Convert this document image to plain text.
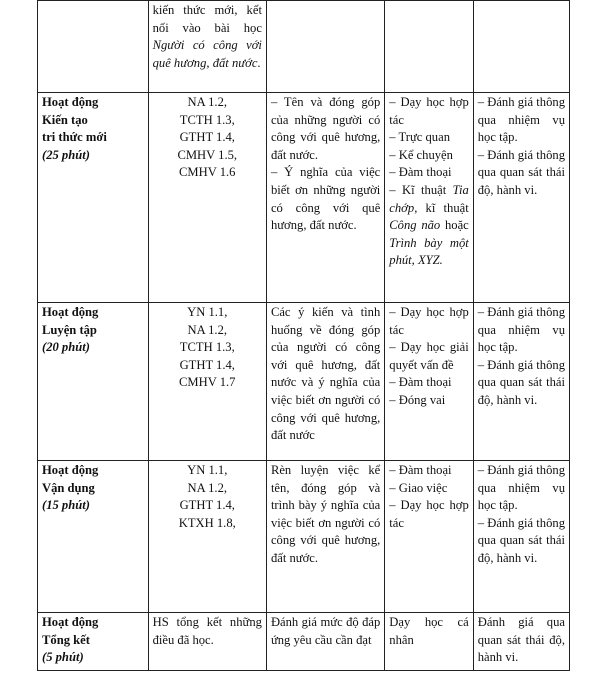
	kiến thức mới, kết nối vào bài học Người có công với quê hương, đất nước.			

Hoạt động
Kiến tạo
tri thức mới
(25 phút)	NA 1.2,
TCTH 1.3,
GTHT 1.4,
CMHV 1.5,
CMHV 1.6	– Tên và đóng góp của những người có công với quê hương, đất nước.
– Ý nghĩa của việc biết ơn những người có công với quê hương, đất nước.	– Dạy học hợp tác
– Trực quan
– Kể chuyện
– Đàm thoại
– Kĩ thuật Tia chớp, kĩ thuật Công não hoặc Trình bày một phút, XYZ.	– Đánh giá thông qua nhiệm vụ học tập.
– Đánh giá thông qua quan sát thái độ, hành vi.

Hoạt động
Luyện tập
(20 phút)	YN 1.1,
NA 1.2,
TCTH 1.3,
GTHT 1.4,
CMHV 1.7	Các ý kiến và tình huống về đóng góp của người có công với quê hương, đất nước và ý nghĩa của việc biết ơn người có công với quê hương, đất nước	– Dạy học hợp tác
– Dạy học giải quyết vấn đề
– Đàm thoại
– Đóng vai	– Đánh giá thông qua nhiệm vụ học tập.
– Đánh giá thông qua quan sát thái độ, hành vi.

Hoạt động
Vận dụng
(15 phút)	YN 1.1,
NA 1.2,
GTHT 1.4,
KTXH 1.8,	Rèn luyện việc kể tên, đóng góp và trình bày ý nghĩa của việc biết ơn người có công với quê hương, đất nước.	– Đàm thoại
– Giao việc
– Dạy học hợp tác	– Đánh giá thông qua nhiệm vụ học tập.
– Đánh giá thông qua quan sát thái độ, hành vi.

Hoạt động
Tổng kết
(5 phút)	HS tổng kết những điều đã học.	Đánh giá mức độ đáp ứng yêu cầu cần đạt	Dạy học cá nhân	Đánh giá qua quan sát thái độ, hành vi.
